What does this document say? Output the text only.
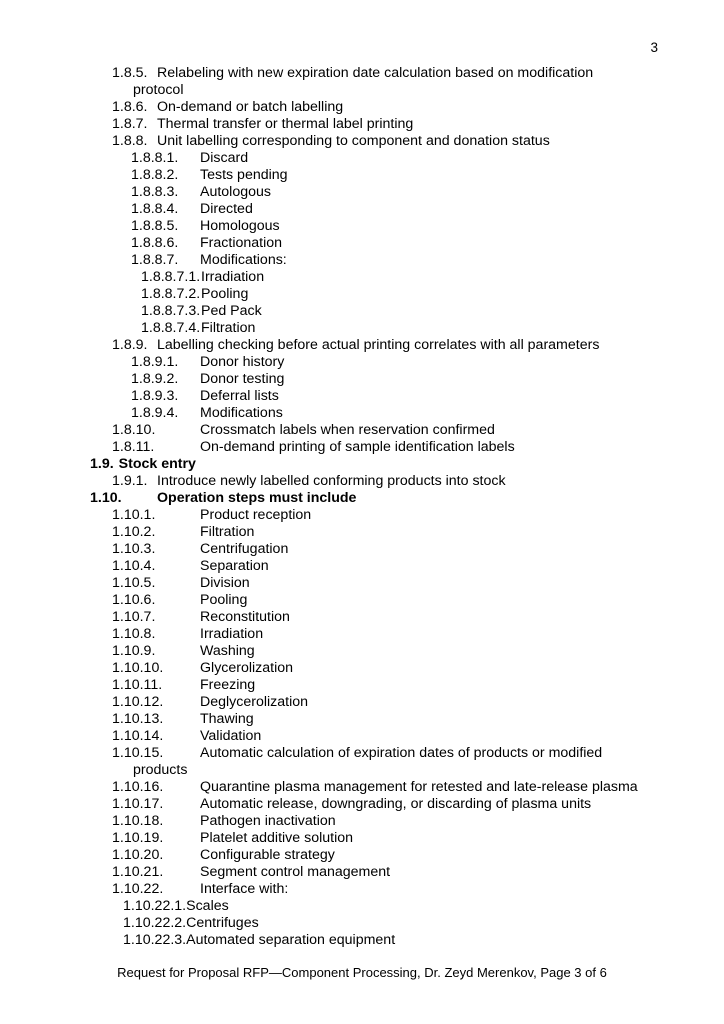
3
1.8.5. Relabeling with new expiration date calculation based on modification
protocol
1.8.6. On-demand or batch labelling
1.8.7. Thermal transfer or thermal label printing
1.8.8. Unit labelling corresponding to component and donation status
1.8.8.1.	Discard
1.8.8.2.	Tests pending
1.8.8.3.	Autologous
1.8.8.4.	Directed
1.8.8.5.	Homologous
1.8.8.6.	Fractionation
1.8.8.7.	Modifications:
1.8.8.7.1. Irradiation
1.8.8.7.2. Pooling
1.8.8.7.3. Ped Pack
1.8.8.7.4. Filtration
1.8.9. Labelling checking before actual printing correlates with all parameters
1.8.9.1.	Donor history
1.8.9.2.	Donor testing
1.8.9.3.	Deferral lists
1.8.9.4.	Modifications
1.8.10.	Crossmatch labels when reservation confirmed
1.8.11.	On-demand printing of sample identification labels
1.9. Stock entry
1.9.1. Introduce newly labelled conforming products into stock
1.10.	Operation steps must include
1.10.1.	Product reception
1.10.2.	Filtration
1.10.3.	Centrifugation
1.10.4.	Separation
1.10.5.	Division
1.10.6.	Pooling
1.10.7.	Reconstitution
1.10.8.	Irradiation
1.10.9.	Washing
1.10.10.	Glycerolization
1.10.11.	Freezing
1.10.12.	Deglycerolization
1.10.13.	Thawing
1.10.14.	Validation
1.10.15.	Automatic calculation of expiration dates of products or modified
products
1.10.16.	Quarantine plasma management for retested and late-release plasma
1.10.17.	Automatic release, downgrading, or discarding of plasma units
1.10.18.	Pathogen inactivation
1.10.19.	Platelet additive solution
1.10.20.	Configurable strategy
1.10.21.	Segment control management
1.10.22.	Interface with:
1.10.22.1. Scales
1.10.22.2. Centrifuges
1.10.22.3. Automated separation equipment
Request for Proposal RFP—Component Processing, Dr. Zeyd Merenkov, Page 3 of 6
